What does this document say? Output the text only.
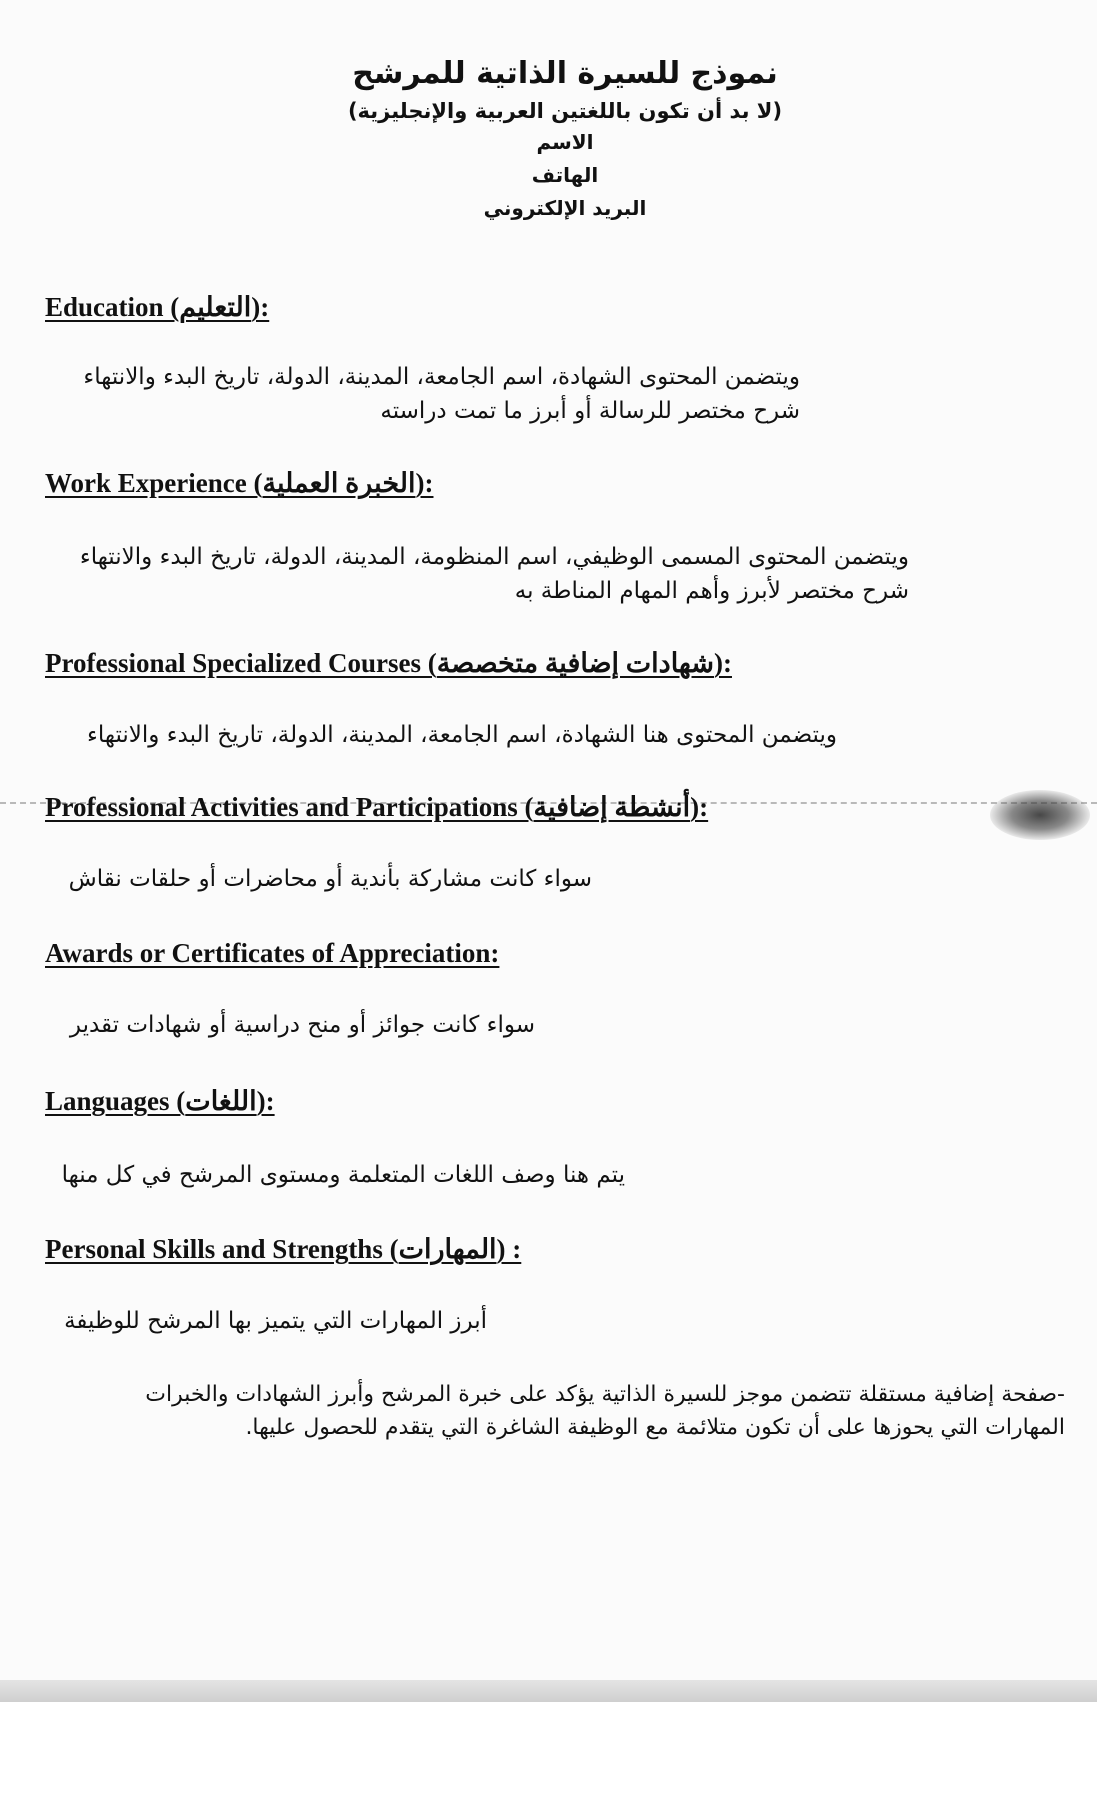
نموذج للسيرة الذاتية للمرشح
(لا بد أن تكون باللغتين العربية والإنجليزية)
الاسم
الهاتف
البريد الإلكتروني
Education (التعليم):
ويتضمن المحتوى الشهادة، اسم الجامعة، المدينة، الدولة، تاريخ البدء والانتهاء
شرح مختصر للرسالة أو أبرز ما تمت دراسته
Work Experience (الخبرة العملية):
ويتضمن المحتوى المسمى الوظيفي، اسم المنظومة، المدينة، الدولة، تاريخ البدء والانتهاء
شرح مختصر لأبرز وأهم المهام المناطة به
Professional Specialized Courses (شهادات إضافية متخصصة):
ويتضمن المحتوى هنا الشهادة، اسم الجامعة، المدينة، الدولة، تاريخ البدء والانتهاء
Professional Activities and Participations (أنشطة إضافية):
سواء كانت مشاركة بأندية أو محاضرات أو حلقات نقاش
Awards or Certificates of Appreciation:
سواء كانت جوائز أو منح دراسية أو شهادات تقدير
Languages (اللغات):
يتم هنا وصف اللغات المتعلمة ومستوى المرشح في كل منها
Personal Skills and Strengths (المهارات) :
أبرز المهارات التي يتميز بها المرشح للوظيفة
-صفحة إضافية مستقلة تتضمن موجز للسيرة الذاتية يؤكد على خبرة المرشح وأبرز الشهادات والخبرات
المهارات التي يحوزها على أن تكون متلائمة مع الوظيفة الشاغرة التي يتقدم للحصول عليها.
